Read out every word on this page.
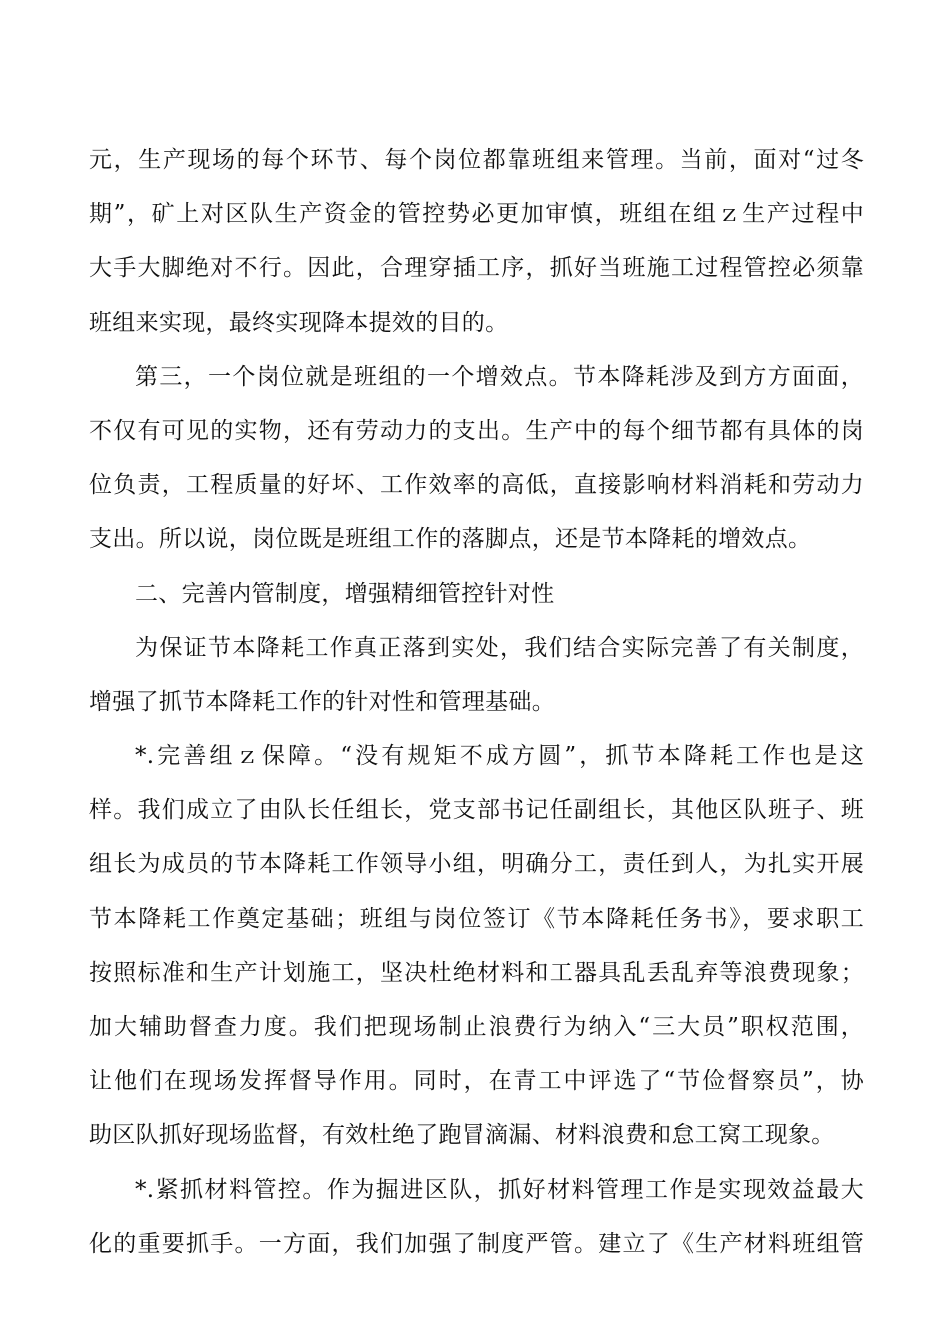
元，生产现场的每个环节、每个岗位都靠班组来管理。当前，面对“过冬
期”，矿上对区队生产资金的管控势必更加审慎，班组在组ｚ生产过程中
大手大脚绝对不行。因此，合理穿插工序，抓好当班施工过程管控必须靠
班组来实现，最终实现降本提效的目的。
第三，一个岗位就是班组的一个增效点。节本降耗涉及到方方面面，
不仅有可见的实物，还有劳动力的支出。生产中的每个细节都有具体的岗
位负责，工程质量的好坏、工作效率的高低，直接影响材料消耗和劳动力
支出。所以说，岗位既是班组工作的落脚点，还是节本降耗的增效点。
二、完善内管制度，增强精细管控针对性
为保证节本降耗工作真正落到实处，我们结合实际完善了有关制度，
增强了抓节本降耗工作的针对性和管理基础。
*.完善组ｚ保障。“没有规矩不成方圆”，抓节本降耗工作也是这
样。我们成立了由队长任组长，党支部书记任副组长，其他区队班子、班
组长为成员的节本降耗工作领导小组，明确分工，责任到人，为扎实开展
节本降耗工作奠定基础；班组与岗位签订《节本降耗任务书》，要求职工
按照标准和生产计划施工，坚决杜绝材料和工器具乱丢乱弃等浪费现象；
加大辅助督查力度。我们把现场制止浪费行为纳入“三大员”职权范围，
让他们在现场发挥督导作用。同时，在青工中评选了“节俭督察员”，协
助区队抓好现场监督，有效杜绝了跑冒滴漏、材料浪费和怠工窝工现象。
*.紧抓材料管控。作为掘进区队，抓好材料管理工作是实现效益最大
化的重要抓手。一方面，我们加强了制度严管。建立了《生产材料班组管
